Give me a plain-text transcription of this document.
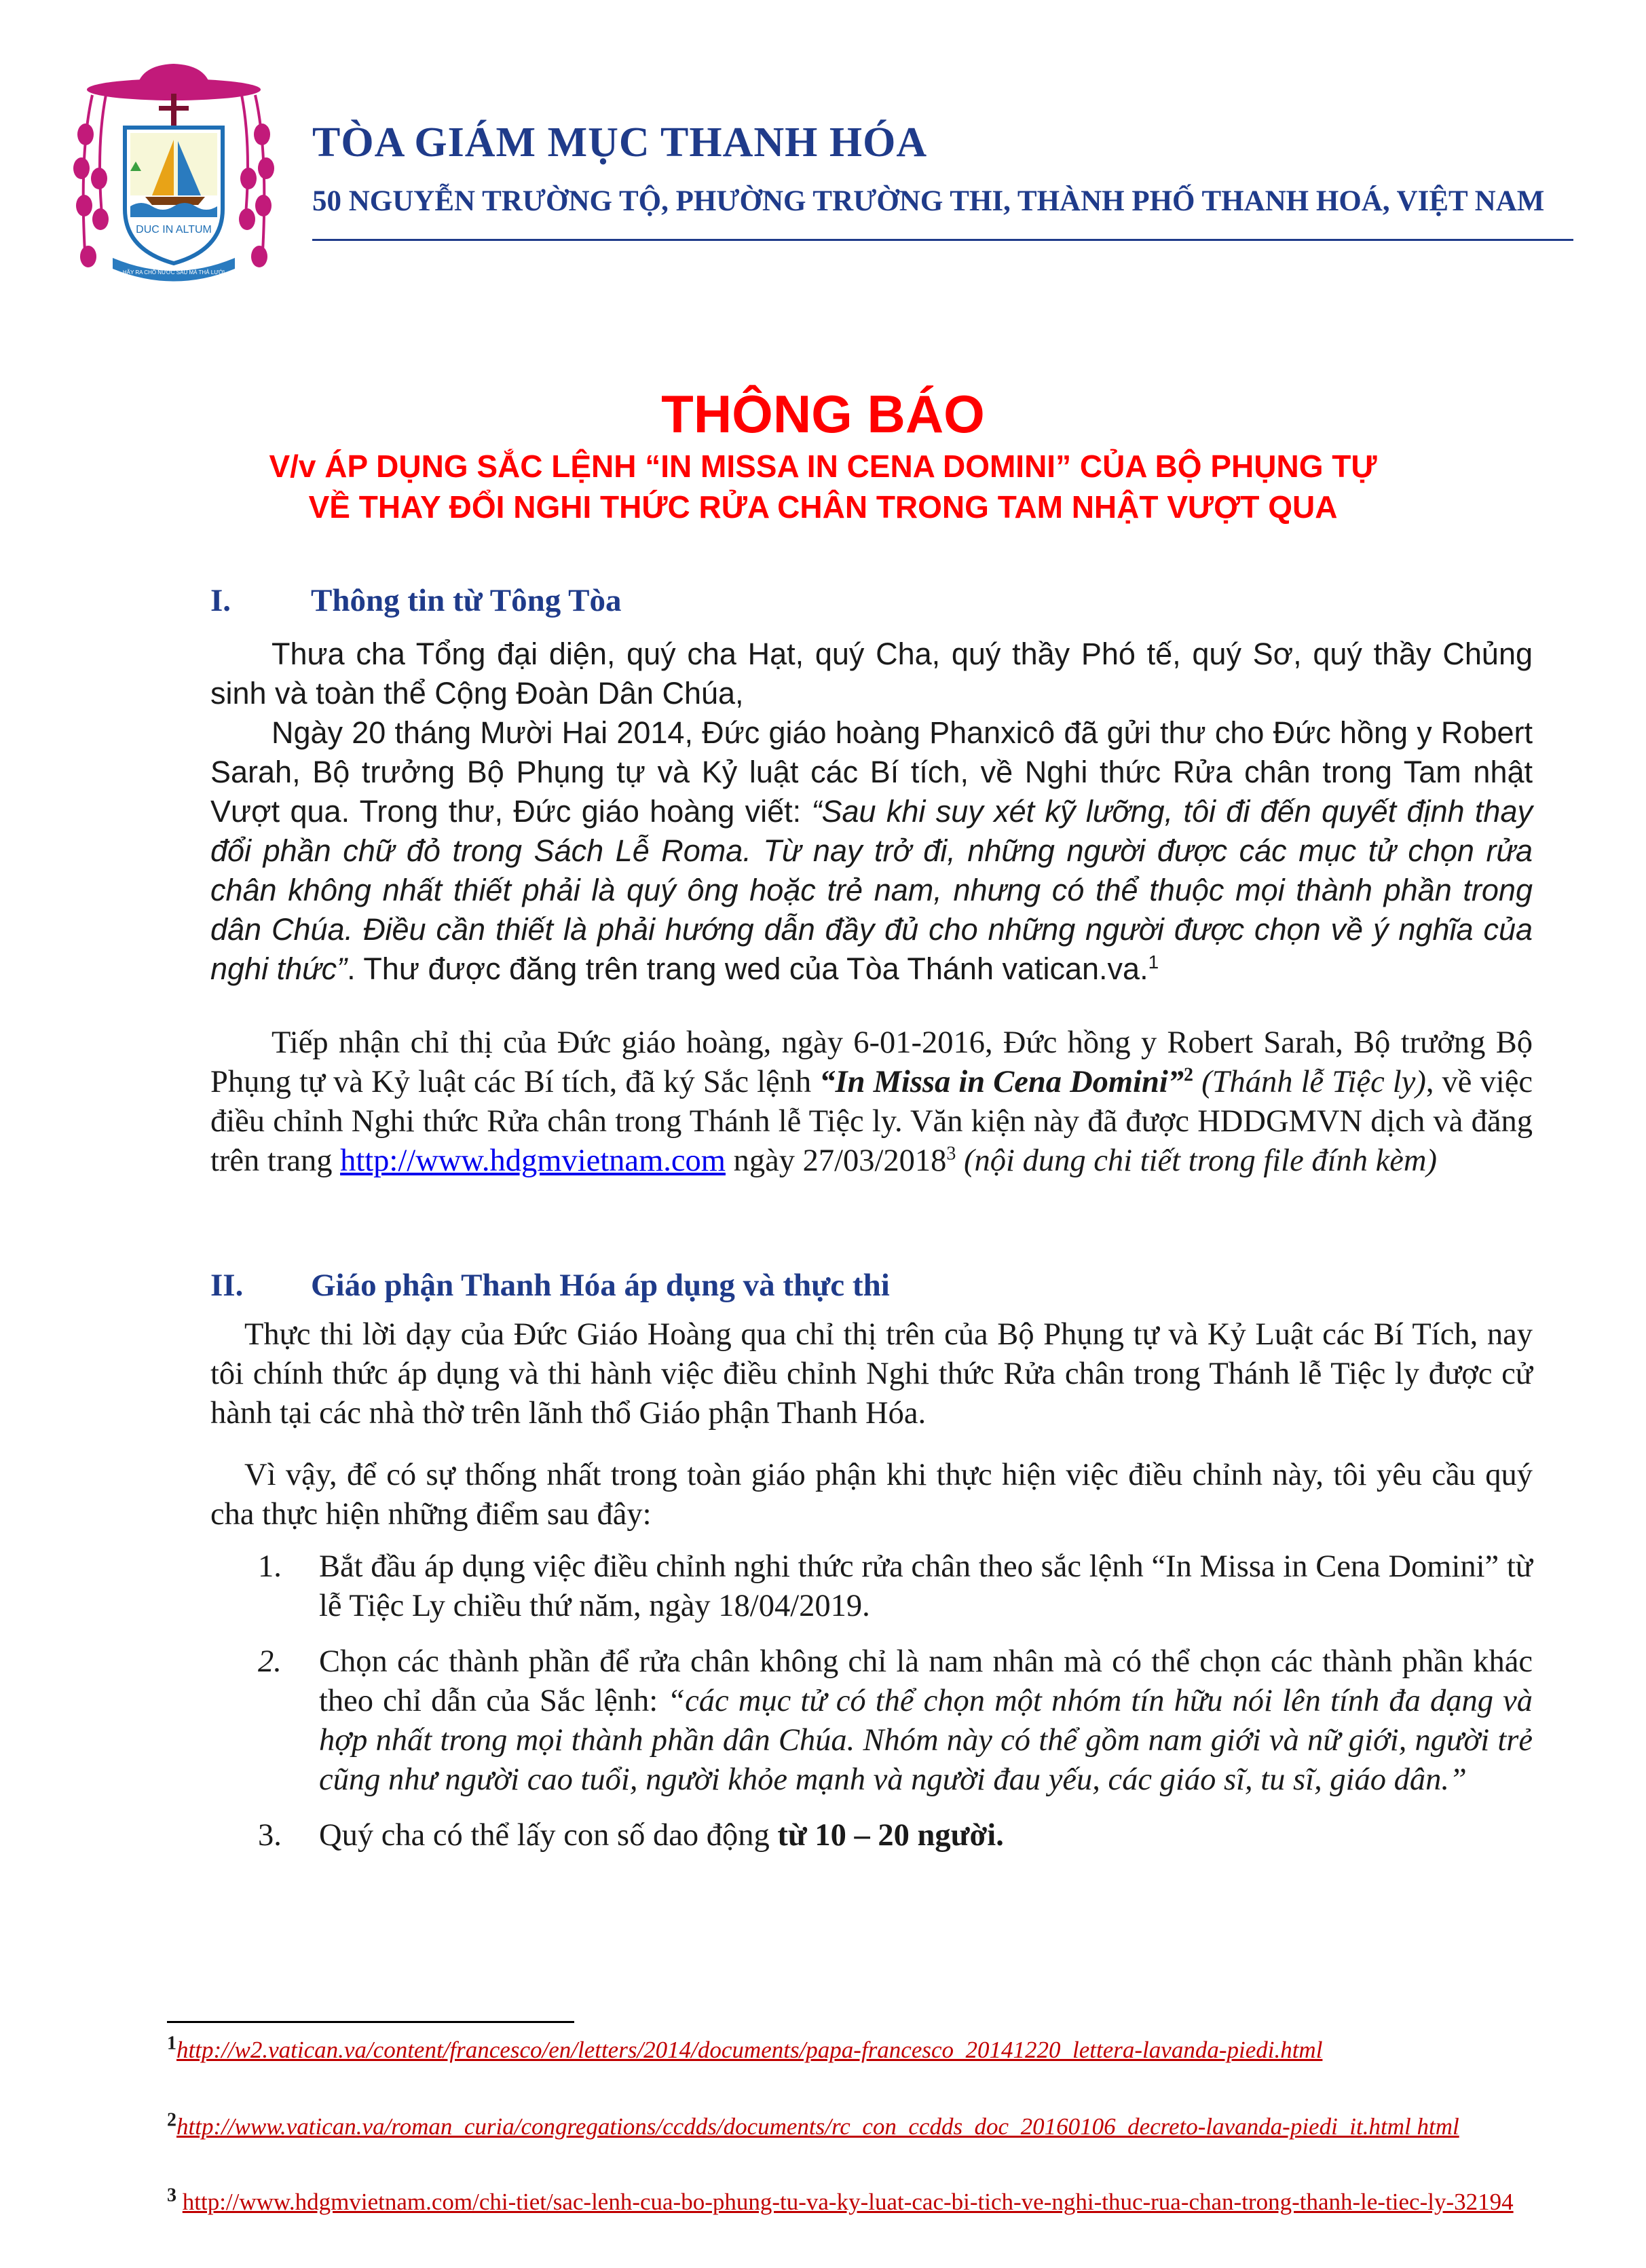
DUC IN ALTUM
HÃY RA CHỖ NƯỚC SÂU MÀ THẢ LƯỚI
TÒA GIÁM MỤC THANH HÓA
50 NGUYỄN TRƯỜNG TỘ, PHƯỜNG TRƯỜNG THI, THÀNH PHỐ THANH HOÁ, VIỆT NAM
THÔNG BÁO
V/v ÁP DỤNG SẮC LỆNH “IN MISSA IN CENA DOMINI” CỦA BỘ PHỤNG TỰ
VỀ THAY ĐỔI NGHI THỨC RỬA CHÂN TRONG TAM NHẬT VƯỢT QUA
I.	Thông tin từ Tông Tòa
Thưa cha Tổng đại diện, quý cha Hạt, quý Cha, quý thầy Phó tế, quý Sơ, quý thầy Chủng sinh và toàn thể Cộng Đoàn Dân Chúa,
Ngày 20 tháng Mười Hai 2014, Đức giáo hoàng Phanxicô đã gửi thư cho Đức hồng y Robert Sarah, Bộ trưởng Bộ Phụng tự và Kỷ luật các Bí tích, về Nghi thức Rửa chân trong Tam nhật Vượt qua. Trong thư, Đức giáo hoàng viết: “Sau khi suy xét kỹ lưỡng, tôi đi đến quyết định thay đổi phần chữ đỏ trong Sách Lễ Roma. Từ nay trở đi, những người được các mục tử chọn rửa chân không nhất thiết phải là quý ông hoặc trẻ nam, nhưng có thể thuộc mọi thành phần trong dân Chúa. Điều cần thiết là phải hướng dẫn đầy đủ cho những người được chọn về ý nghĩa của nghi thức”. Thư được đăng trên trang wed của Tòa Thánh vatican.va.$^1$
Tiếp nhận chỉ thị của Đức giáo hoàng, ngày 6-01-2016, Đức hồng y Robert Sarah, Bộ trưởng Bộ Phụng tự và Kỷ luật các Bí tích, đã ký Sắc lệnh “In Missa in Cena Domini”$^2$ (Thánh lễ Tiệc ly), về việc điều chỉnh Nghi thức Rửa chân trong Thánh lễ Tiệc ly. Văn kiện này đã được HDDGMVN dịch và đăng trên trang http://www.hdgmvietnam.com ngày 27/03/2018$^3$ (nội dung chi tiết trong file đính kèm)
II. Giáo phận Thanh Hóa áp dụng và thực thi
Thực thi lời dạy của Đức Giáo Hoàng qua chỉ thị trên của Bộ Phụng tự và Kỷ Luật các Bí Tích, nay tôi chính thức áp dụng và thi hành việc điều chỉnh Nghi thức Rửa chân trong Thánh lễ Tiệc ly được cử hành tại các nhà thờ trên lãnh thổ Giáo phận Thanh Hóa.
Vì vậy, để có sự thống nhất trong toàn giáo phận khi thực hiện việc điều chỉnh này, tôi yêu cầu quý cha thực hiện những điểm sau đây:
1. Bắt đầu áp dụng việc điều chỉnh nghi thức rửa chân theo sắc lệnh “In Missa in Cena Domini” từ lễ Tiệc Ly chiều thứ năm, ngày 18/04/2019.
2. Chọn các thành phần để rửa chân không chỉ là nam nhân mà có thể chọn các thành phần khác theo chỉ dẫn của Sắc lệnh: “các mục tử có thể chọn một nhóm tín hữu nói lên tính đa dạng và hợp nhất trong mọi thành phần dân Chúa. Nhóm này có thể gồm nam giới và nữ giới, người trẻ cũng như người cao tuổi, người khỏe mạnh và người đau yếu, các giáo sĩ, tu sĩ, giáo dân.”
3. Quý cha có thể lấy con số dao động từ 10 – 20 người.
$^1$http://w2.vatican.va/content/francesco/en/letters/2014/documents/papa-francesco_20141220_lettera-lavanda-piedi.html
$^2$http://www.vatican.va/roman_curia/congregations/ccdds/documents/rc_con_ccdds_doc_20160106_decreto-lavanda-piedi_it.html html
$^3$ http://www.hdgmvietnam.com/chi-tiet/sac-lenh-cua-bo-phung-tu-va-ky-luat-cac-bi-tich-ve-nghi-thuc-rua-chan-trong-thanh-le-tiec-ly-32194
